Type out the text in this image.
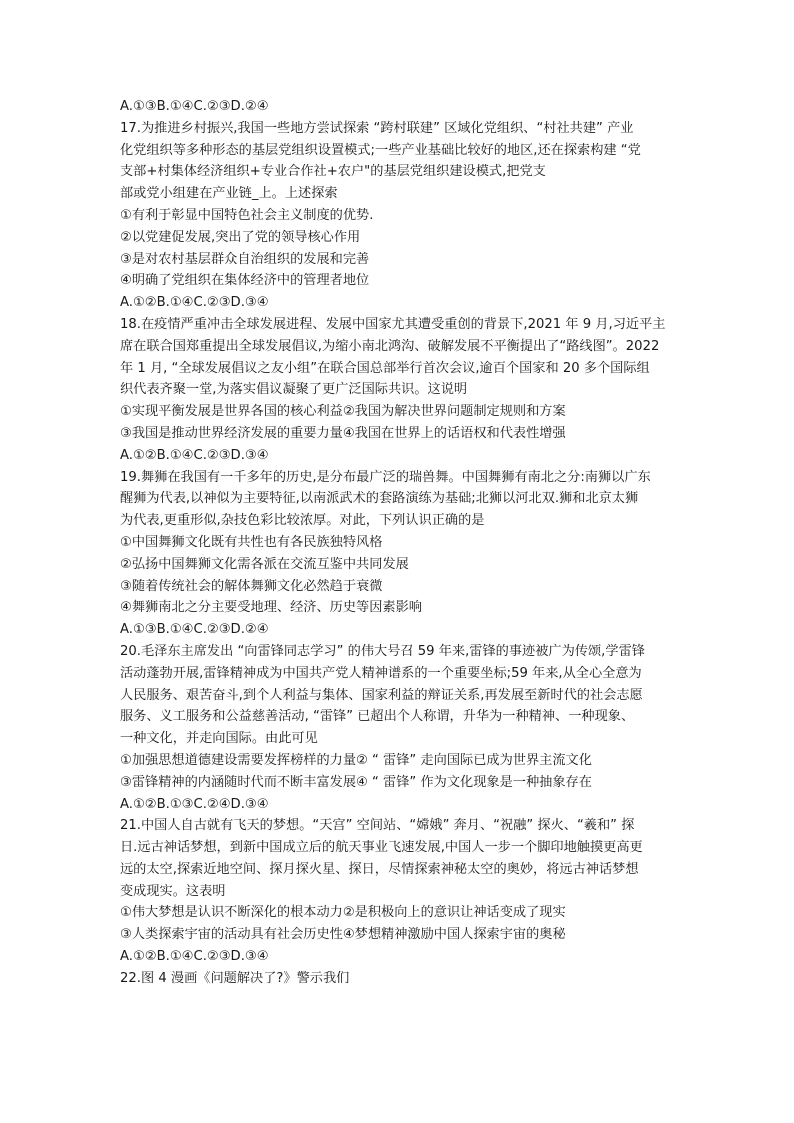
A.①③B.①④C.②③D.②④
17.为推进乡村振兴,我国一些地方尝试探索 “跨村联建” 区域化党组织、“村社共建” 产业
化党组织等多种形态的基层党组织设置模式;一些产业基础比较好的地区,还在探索构建 “党
支部+村集体经济组织+专业合作社+农户"的基层党组织建设模式,把党支
部或党小组建在产业链_上。上述探索
①有利于彰显中国特色社会主义制度的优势.
②以党建促发展,突出了党的领导核心作用
③是对农村基层群众自治组织的发展和完善
④明确了党组织在集体经济中的管理者地位
A.①②B.①④C.②③D.③④
18.在疫情严重冲击全球发展进程、发展中国家尤其遭受重创的背景下,2021 年 9 月,习近平主
席在联合国郑重提出全球发展倡议,为缩小南北鸿沟、破解发展不平衡提出了“路线图”。2022
年 1 月, “全球发展倡议之友小组”在联合国总部举行首次会议,逾百个国家和 20 多个国际组
织代表齐聚一堂,为落实倡议凝聚了更广泛国际共识。这说明
①实现平衡发展是世界各国的核心利益②我国为解决世界问题制定规则和方案
③我国是推动世界经济发展的重要力量④我国在世界上的话语权和代表性增强
A.①②B.①④C.②③D.③④
19.舞狮在我国有一千多年的历史,是分布最广泛的瑞兽舞。中国舞狮有南北之分:南狮以广东
醒狮为代表,以神似为主要特征,以南派武术的套路演练为基础;北狮以河北双.狮和北京太狮
为代表,更重形似,杂技色彩比较浓厚。对此，下列认识正确的是
①中国舞狮文化既有共性也有各民族独特风格
②弘扬中国舞狮文化需各派在交流互鉴中共同发展
③随着传统社会的解体舞狮文化必然趋于衰微
④舞狮南北之分主要受地理、经济、历史等因素影响
A.①③B.①④C.②③D.②④
20.毛泽东主席发出 “向雷锋同志学习” 的伟大号召 59 年来,雷锋的事迹被广为传颂,学雷锋
活动蓬勃开展,雷锋精神成为中国共产党人精神谱系的一个重要坐标;59 年来,从全心全意为
人民服务、艰苦奋斗,到个人利益与集体、国家利益的辩证关系,再发展至新时代的社会志愿
服务、义工服务和公益慈善活动, “雷锋” 已超出个人称谓，升华为一种精神、一种现象、
一种文化，并走向国际。由此可见
①加强思想道德建设需要发挥榜样的力量② “ 雷锋” 走向国际已成为世界主流文化
③雷锋精神的内涵随时代而不断丰富发展④ “ 雷锋” 作为文化现象是一种抽象存在
A.①②B.①③C.②④D.③④
21.中国人自古就有飞天的梦想。“天宫” 空间站、“嫦娥” 奔月、“祝融” 探火、“羲和” 探
日.远古神话梦想，到新中国成立后的航天事业飞速发展,中国人一步一个脚印地触摸更高更
远的太空,探索近地空间、探月探火星、探日，尽情探索神秘太空的奥妙，将远古神话梦想
变成现实。这表明
①伟大梦想是认识不断深化的根本动力②是积极向上的意识让神话变成了现实
③人类探索宇宙的活动具有社会历史性④梦想精神激励中国人探索宇宙的奥秘
A.①②B.①④C.②③D.③④
22.图 4 漫画《问题解决了?》警示我们
